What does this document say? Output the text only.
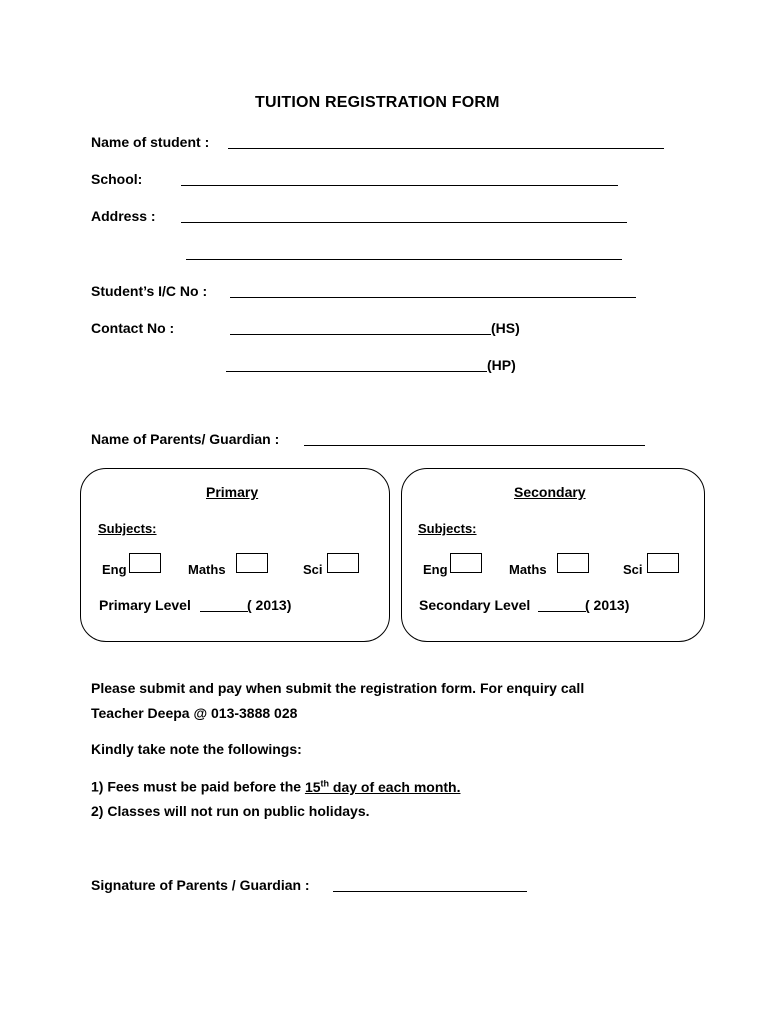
TUITION REGISTRATION FORM
Name of student :
School:
Address :
Student’s I/C No :
Contact No :	(HS)
(HP)
Name of Parents/ Guardian :
Primary
Subjects:
Eng	Maths	Sci
Primary Level	( 2013)
Secondary
Subjects:
Eng	Maths	Sci
Secondary Level	( 2013)
Please submit and pay when submit the registration form. For enquiry call
Teacher Deepa @ 013-3888 028
Kindly take note the followings:
1) Fees must be paid before the 15th day of each month.
2) Classes will not run on public holidays.
Signature of Parents / Guardian :
